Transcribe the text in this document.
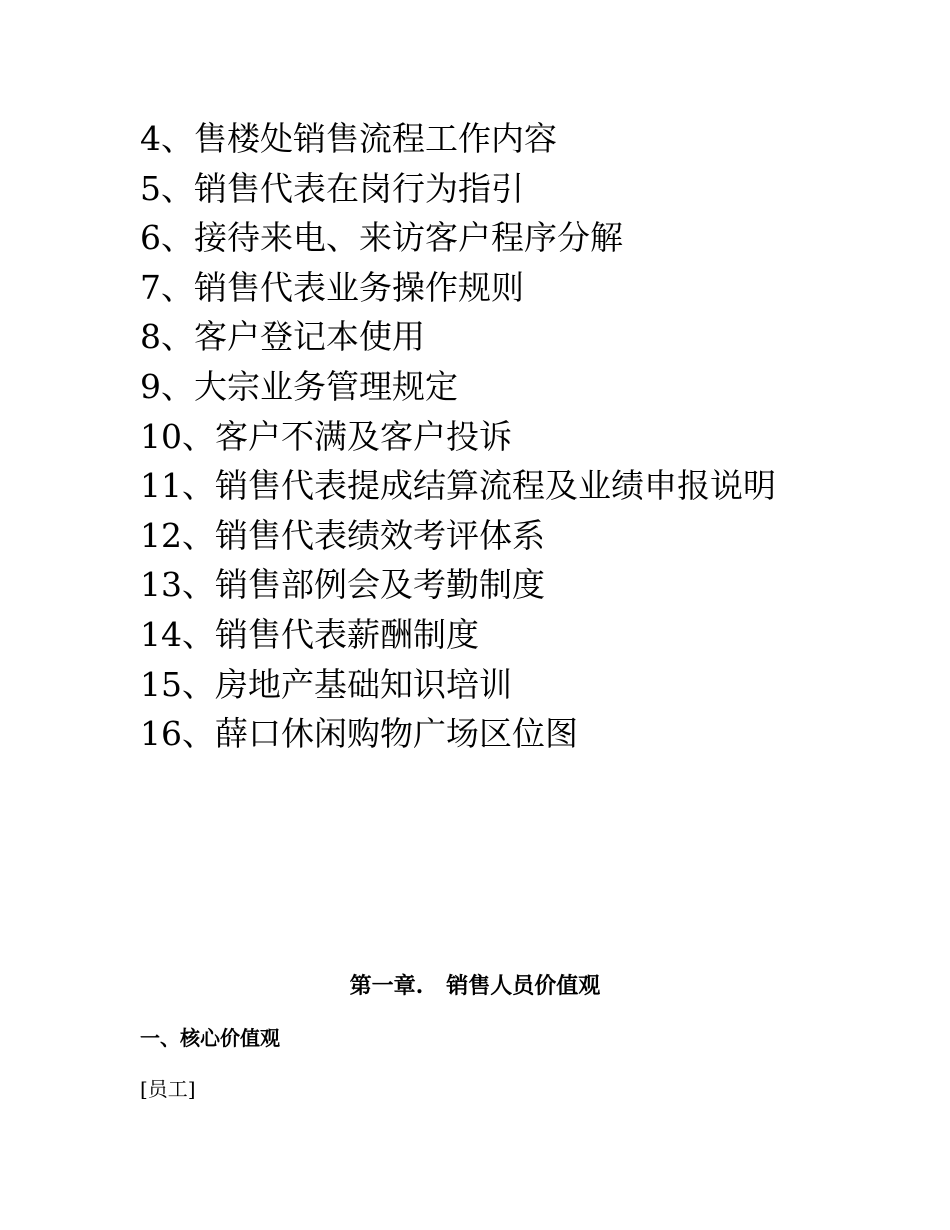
4、售楼处销售流程工作内容
5、销售代表在岗行为指引
6、接待来电、来访客户程序分解
7、销售代表业务操作规则
8、客户登记本使用
9、大宗业务管理规定
10、客户不满及客户投诉
11、销售代表提成结算流程及业绩申报说明
12、销售代表绩效考评体系
13、销售部例会及考勤制度
14、销售代表薪酬制度
15、房地产基础知识培训
16、薛口休闲购物广场区位图
第一章.   销售人员价值观
一、核心价值观
[员工]
